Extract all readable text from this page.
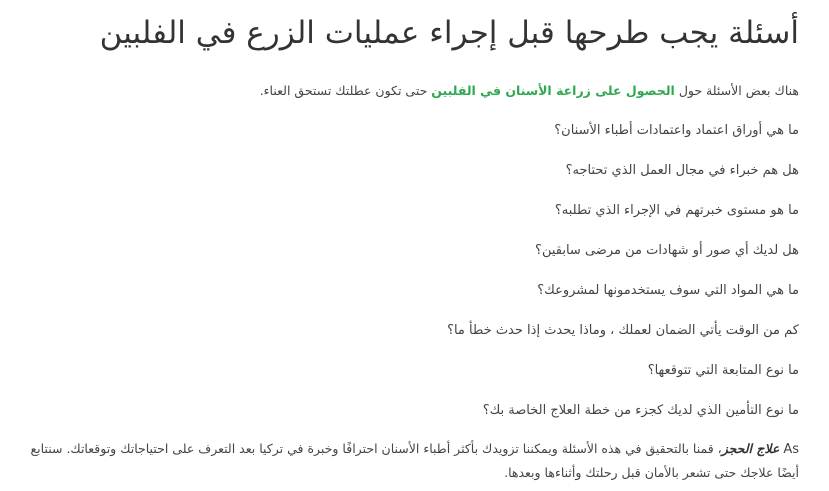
أسئلة يجب طرحها قبل إجراء عمليات الزرع في الفلبين

هناك بعض الأسئلة حول الحصول على زراعة الأسنان في الفلبين حتى تكون عطلتك تستحق العناء.

ما هي أوراق اعتماد واعتمادات أطباء الأسنان؟
هل هم خبراء في مجال العمل الذي تحتاجه؟
ما هو مستوى خبرتهم في الإجراء الذي تطلبه؟
هل لديك أي صور أو شهادات من مرضى سابقين؟
ما هي المواد التي سوف يستخدمونها لمشروعك؟
كم من الوقت يأتي الضمان لعملك ، وماذا يحدث إذا حدث خطأ ما؟
ما نوع المتابعة التي تتوقعها؟
ما نوع التأمين الذي لديك كجزء من خطة العلاج الخاصة بك؟

As علاج الحجز، قمنا بالتحقيق في هذه الأسئلة ويمكننا تزويدك بأكثر أطباء الأسنان احترافًا وخبرة في تركيا بعد التعرف على احتياجاتك وتوقعاتك. سنتابع أيضًا علاجك حتى تشعر بالأمان قبل رحلتك وأثناءها وبعدها.
